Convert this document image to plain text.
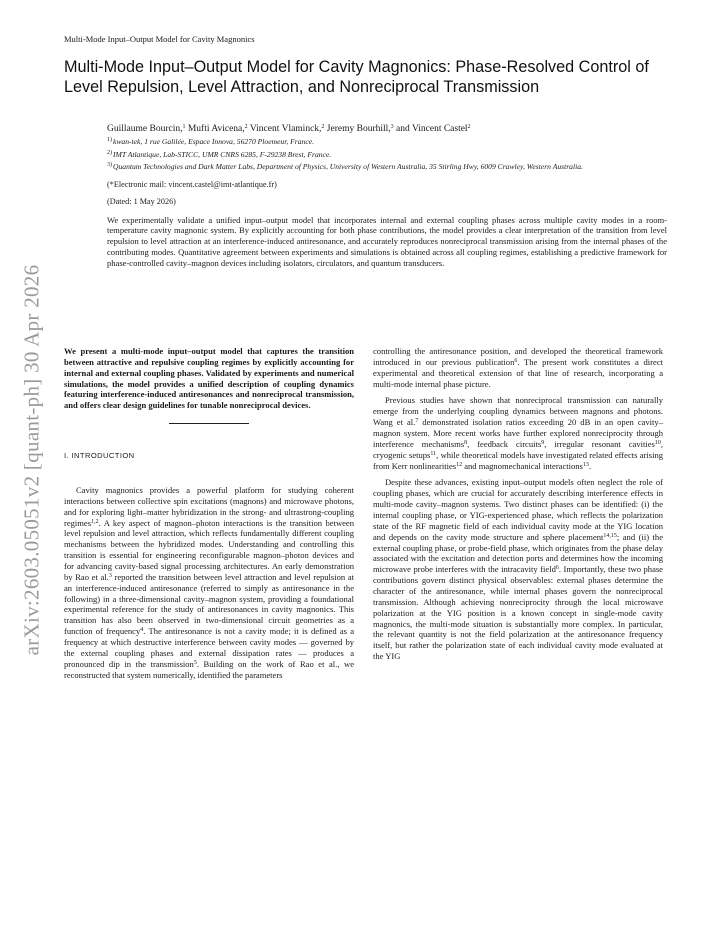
arXiv:2603.05051v2 [quant-ph] 30 Apr 2026
Multi-Mode Input–Output Model for Cavity Magnonics
Multi-Mode Input–Output Model for Cavity Magnonics: Phase-Resolved Control of Level Repulsion, Level Attraction, and Nonreciprocal Transmission
Guillaume Bourcin,$^1$ Mufti Avicena,$^2$ Vincent Vlaminck,$^2$ Jeremy Bourhill,$^3$ and Vincent Castel$^2$
$^{1)}$kwan-tek, 1 rue Galilée, Espace Innova, 56270 Ploemeur, France.
$^{2)}$IMT Atlantique, Lab-STICC, UMR CNRS 6285, F-29238 Brest, France.
$^{3)}$Quantum Technologies and Dark Matter Labs, Department of Physics, University of Western Australia, 35 Stirling Hwy, 6009 Crawley, Western Australia.
(*Electronic mail: vincent.castel@imt-atlantique.fr)
(Dated: 1 May 2026)
We experimentally validate a unified input–output model that incorporates internal and external coupling phases across multiple cavity modes in a room-temperature cavity magnonic system. By explicitly accounting for both phase contributions, the model provides a clear interpretation of the transition from level repulsion to level attraction at an interference-induced antiresonance, and accurately reproduces nonreciprocal transmission arising from the internal phases of the contributing modes. Quantitative agreement between experiments and simulations is obtained across all coupling regimes, establishing a predictive framework for phase-controlled cavity–magnon devices including isolators, circulators, and quantum transducers.

We present a multi-mode input–output model that captures the transition between attractive and repulsive coupling regimes by explicitly accounting for internal and external coupling phases. Validated by experiments and numerical simulations, the model provides a unified description of coupling dynamics featuring interference-induced antiresonances and nonreciprocal transmission, and offers clear design guidelines for tunable nonreciprocal devices.

I. INTRODUCTION

Cavity magnonics provides a powerful platform for studying coherent interactions between collective spin excitations (magnons) and microwave photons, and for exploring light–matter hybridization in the strong- and ultrastrong-coupling regimes$^{1,2}$. A key aspect of magnon–photon interactions is the transition between level repulsion and level attraction, which reflects fundamentally different coupling mechanisms between the hybridized modes. Understanding and controlling this transition is essential for engineering reconfigurable magnon–photon devices and for advancing cavity-based signal processing architectures. An early demonstration by Rao et al.$^3$ reported the transition between level attraction and level repulsion at an interference-induced antiresonance (referred to simply as antiresonance in the following) in a three-dimensional cavity–magnon system, providing a foundational experimental reference for the study of antiresonances in cavity magnonics. This transition has also been observed in two-dimensional circuit geometries as a function of frequency$^4$. The antiresonance is not a cavity mode; it is defined as a frequency at which destructive interference between cavity modes — governed by the external coupling phases and external dissipation rates — produces a pronounced dip in the transmission$^5$. Building on the work of Rao et al., we reconstructed that system numerically, identified the parameters

controlling the antiresonance position, and developed the theoretical framework introduced in our previous publication$^6$. The present work constitutes a direct experimental and theoretical extension of that line of research, incorporating a multi-mode internal phase picture.

Previous studies have shown that nonreciprocal transmission can naturally emerge from the underlying coupling dynamics between magnons and photons. Wang et al.$^7$ demonstrated isolation ratios exceeding 20 dB in an open cavity–magnon system. More recent works have further explored nonreciprocity through interference mechanisms$^8$, feedback circuits$^9$, irregular resonant cavities$^{10}$, cryogenic setups$^{11}$, while theoretical models have investigated related effects arising from Kerr nonlinearities$^{12}$ and magnomechanical interactions$^{13}$.

Despite these advances, existing input–output models often neglect the role of coupling phases, which are crucial for accurately describing interference effects in multi-mode cavity–magnon systems. Two distinct phases can be identified: (i) the internal coupling phase, or YIG-experienced phase, which reflects the polarization state of the RF magnetic field of each individual cavity mode at the YIG location and depends on the cavity mode structure and sphere placement$^{14,15}$; and (ii) the external coupling phase, or probe-field phase, which originates from the phase delay associated with the excitation and detection ports and determines how the incoming microwave probe interferes with the intracavity field$^6$. Importantly, these two phase contributions govern distinct physical observables: external phases determine the character of the antiresonance, while internal phases govern the nonreciprocal transmission. Although achieving nonreciprocity through the local microwave polarization at the YIG position is a known concept in single-mode cavity magnonics, the multi-mode situation is substantially more complex. In particular, the relevant quantity is not the field polarization at the antiresonance frequency itself, but rather the polarization state of each individual cavity mode evaluated at the YIG
